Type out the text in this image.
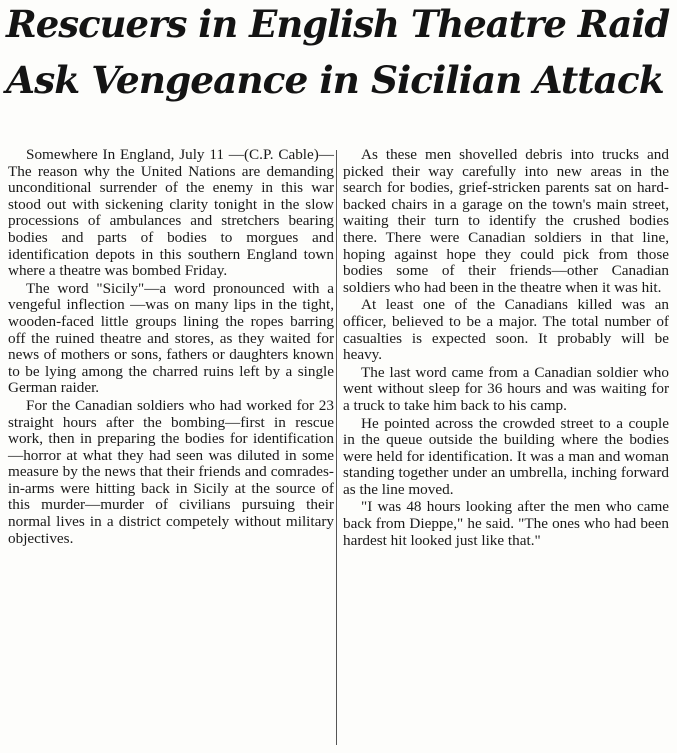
Rescuers in English Theatre Raid
Ask Vengeance in Sicilian Attack

Somewhere In England, July 11 —(C.P. Cable)—The reason why the United Nations are demanding unconditional surrender of the enemy in this war stood out with sickening clarity tonight in the slow processions of ambulances and stretchers bearing bodies and parts of bodies to morgues and identification depots in this southern England town where a theatre was bombed Friday.

The word "Sicily"—a word pronounced with a vengeful inflection —was on many lips in the tight, wooden-faced little groups lining the ropes barring off the ruined theatre and stores, as they waited for news of mothers or sons, fathers or daughters known to be lying among the charred ruins left by a single German raider.

For the Canadian soldiers who had worked for 23 straight hours after the bombing—first in rescue work, then in preparing the bodies for identification—horror at what they had seen was diluted in some measure by the news that their friends and comrades-in-arms were hitting back in Sicily at the source of this murder—murder of civilians pursuing their normal lives in a district competely without military objectives.

As these men shovelled debris into trucks and picked their way carefully into new areas in the search for bodies, grief-stricken parents sat on hard-backed chairs in a garage on the town's main street, waiting their turn to identify the crushed bodies there. There were Canadian soldiers in that line, hoping against hope they could pick from those bodies some of their friends—other Canadian soldiers who had been in the theatre when it was hit.

At least one of the Canadians killed was an officer, believed to be a major. The total number of casualties is expected soon. It probably will be heavy.

The last word came from a Canadian soldier who went without sleep for 36 hours and was waiting for a truck to take him back to his camp.

He pointed across the crowded street to a couple in the queue outside the building where the bodies were held for identification. It was a man and woman standing together under an umbrella, inching forward as the line moved.

"I was 48 hours looking after the men who came back from Dieppe," he said. "The ones who had been hardest hit looked just like that."
